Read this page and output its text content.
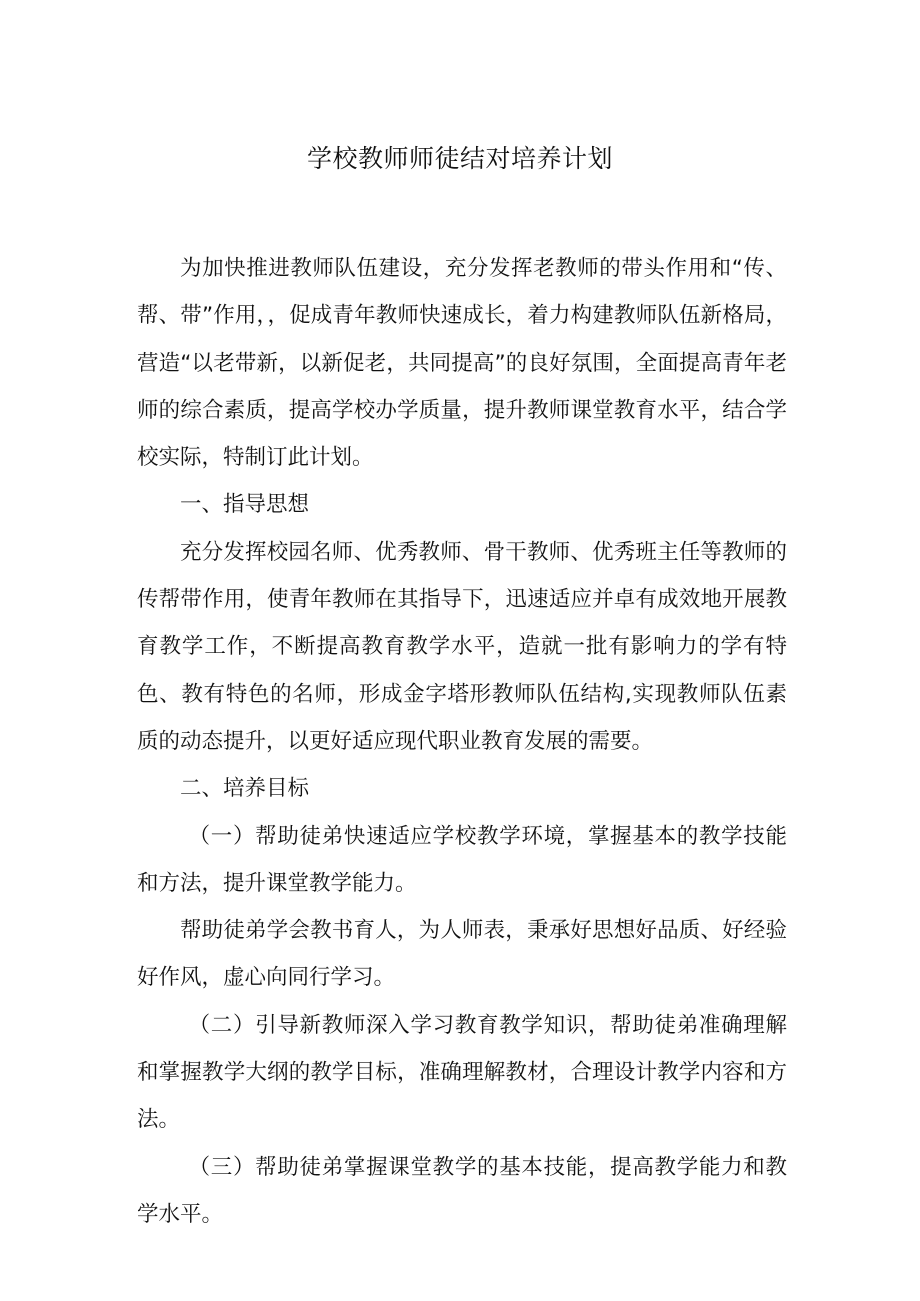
学校教师师徒结对培养计划

为加快推进教师队伍建设，充分发挥老教师的带头作用和“传、帮、带”作用，，促成青年教师快速成长，着力构建教师队伍新格局，营造“以老带新，以新促老，共同提高”的良好氛围，全面提高青年老师的综合素质，提高学校办学质量，提升教师课堂教育水平，结合学校实际，特制订此计划。

一、指导思想

充分发挥校园名师、优秀教师、骨干教师、优秀班主任等教师的传帮带作用，使青年教师在其指导下，迅速适应并卓有成效地开展教育教学工作，不断提高教育教学水平，造就一批有影响力的学有特色、教有特色的名师，形成金字塔形教师队伍结构,实现教师队伍素质的动态提升，以更好适应现代职业教育发展的需要。

二、培养目标

（一）帮助徒弟快速适应学校教学环境，掌握基本的教学技能和方法，提升课堂教学能力。

帮助徒弟学会教书育人，为人师表，秉承好思想好品质、好经验好作风，虚心向同行学习。

（二）引导新教师深入学习教育教学知识，帮助徒弟准确理解和掌握教学大纲的教学目标，准确理解教材，合理设计教学内容和方法。

（三）帮助徒弟掌握课堂教学的基本技能，提高教学能力和教学水平。
